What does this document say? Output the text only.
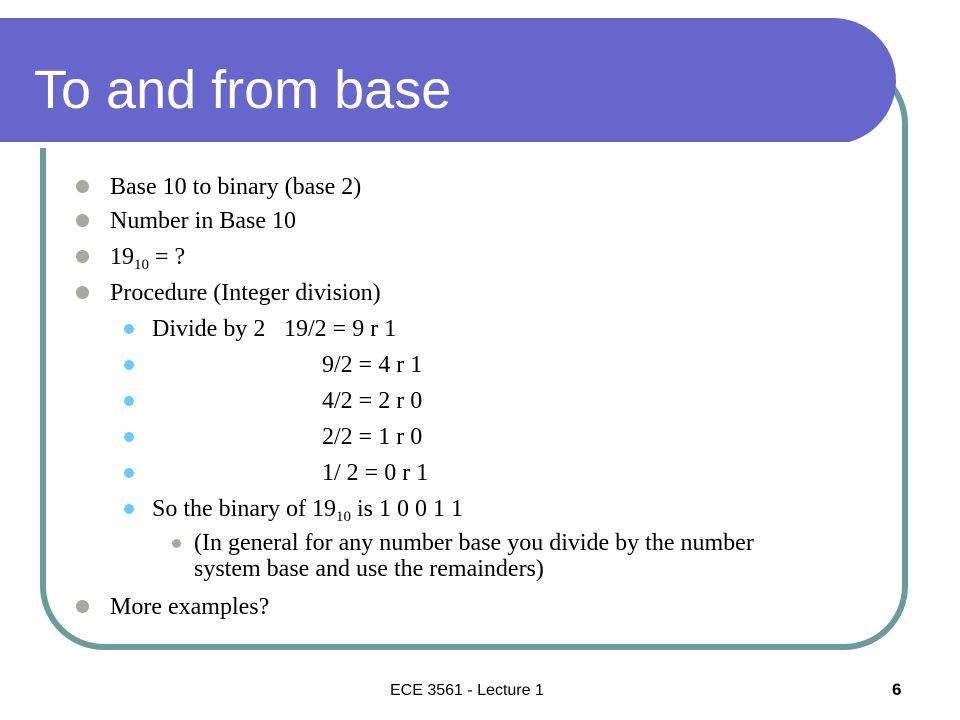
To and from base
Base 10 to binary (base 2)
Number in Base 10
$19_{10}$ = ?
Procedure (Integer division)
Divide by 2 19/2 = 9 r 1
9/2 = 4 r 1
4/2 = 2 r 0
2/2 = 1 r 0
1/ 2 = 0 r 1
So the binary of $19_{10}$ is 1 0 0 1 1
(In general for any number base you divide by the number
system base and use the remainders)
More examples?
ECE 3561 - Lecture 1	6
